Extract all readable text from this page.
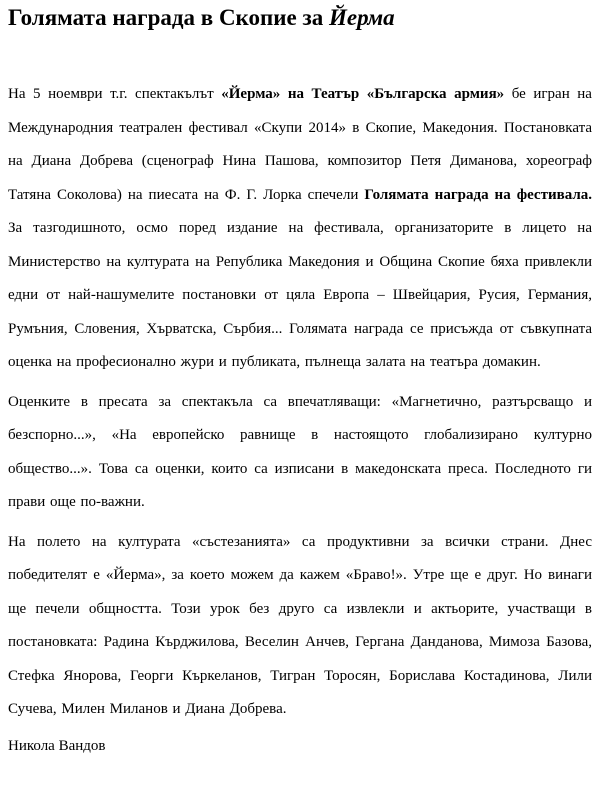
Голямата награда в Скопие за Йерма

На 5 ноември т.г. спектакълът «Йерма» на Театър «Българска армия» бе игран на Международния театрален фестивал «Скупи 2014» в Скопие, Македония. Постановката на Диана Добрева (сценограф Нина Пашова, композитор Петя Диманова, хореограф Татяна Соколова) на пиесата на Ф. Г. Лорка спечели Голямата награда на фестивала. За тазгодишното, осмо поред издание на фестивала, организаторите в лицето на Министерство на културата на Република Македония и Община Скопие бяха привлекли едни от най-нашумелите постановки от цяла Европа – Швейцария, Русия, Германия, Румъния, Словения, Хърватска, Сърбия... Голямата награда се присъжда от съвкупната оценка на професионално жури и публиката, пълнеща залата на театъра домакин.

Оценките в пресата за спектакъла са впечатляващи: «Магнетично, разтърсващо и безспорно...», «На европейско равнище в настоящото глобализирано културно общество...». Това са оценки, които са изписани в македонската преса. Последното ги прави още по-важни.

На полето на културата «състезанията» са продуктивни за всички страни. Днес победителят е «Йерма», за което можем да кажем «Браво!». Утре ще е друг. Но винаги ще печели общността. Този урок без друго са извлекли и актьорите, участващи в постановката: Радина Кърджилова, Веселин Анчев, Гергана Данданова, Мимоза Базова, Стефка Янорова, Георги Къркеланов, Тигран Торосян, Борислава Костадинова, Лили Сучева, Милен Миланов и Диана Добрева.

Никола Вандов
